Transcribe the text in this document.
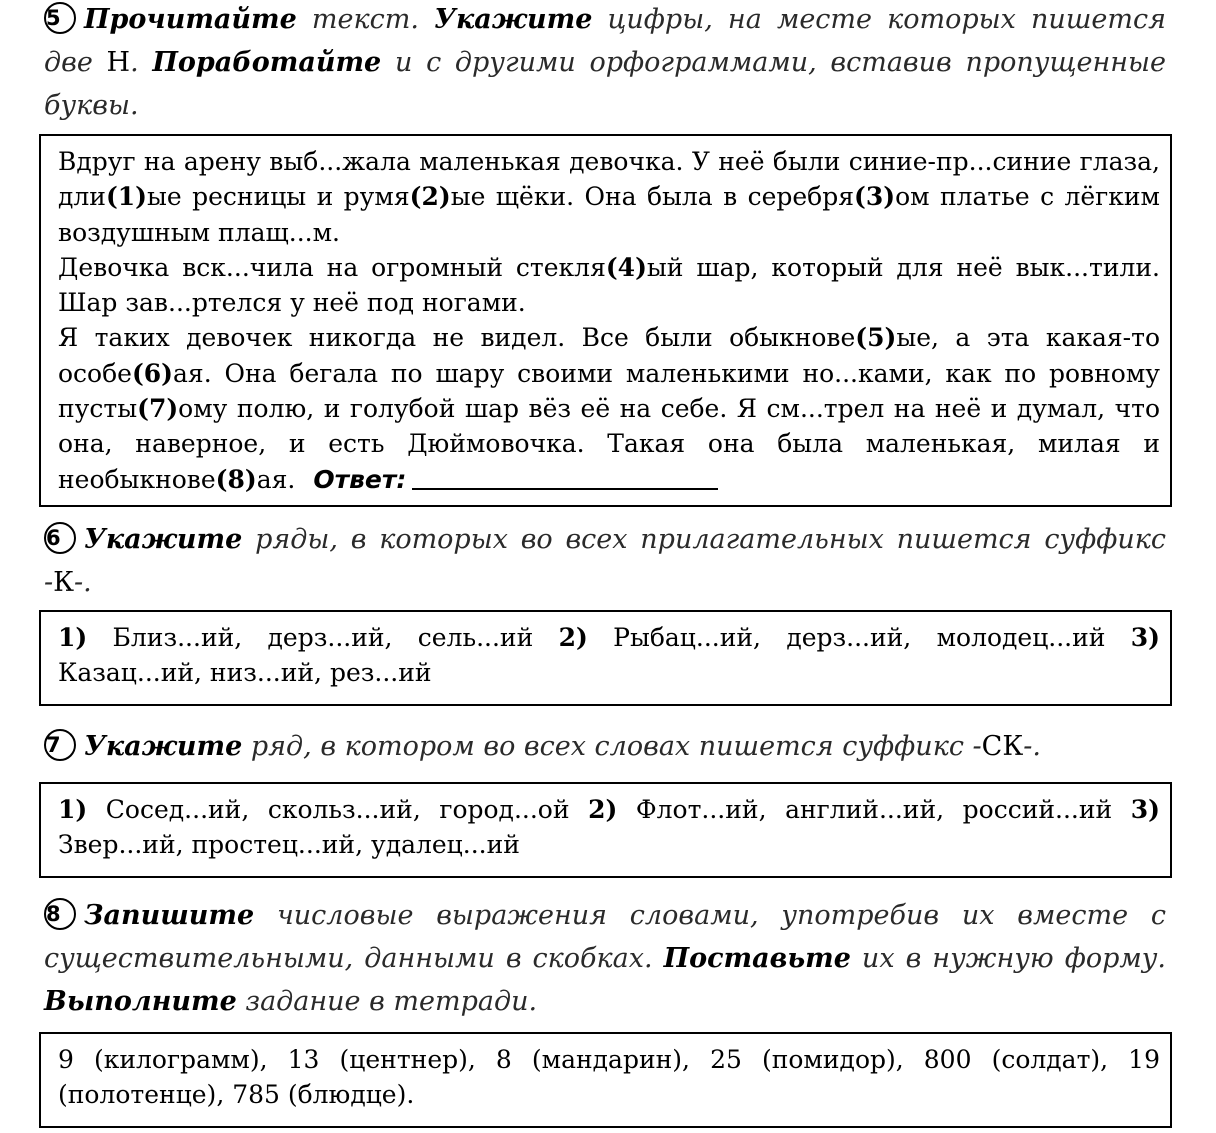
5 Прочитайте текст. Укажите цифры, на месте которых пишется две Н. Поработайте и с другими орфограммами, вставив пропущенные буквы.

Вдруг на арену выб...жала маленькая девочка. У неё были синие-пр...синие глаза, дли(1)ые ресницы и румя(2)ые щёки. Она была в серебря(3)ом платье с лёгким воздушным плащ...м.

Девочка вск...чила на огромный стекля(4)ый шар, который для неё вык...тили. Шар зав...ртелся у неё под ногами.

Я таких девочек никогда не видел. Все были обыкнове(5)ые, а эта какая-то особе(6)ая. Она бегала по шару своими маленькими но...ками, как по ровному пусты(7)ому полю, и голубой шар вёз её на себе. Я см...трел на неё и думал, что она, наверное, и есть Дюймовочка. Такая она была маленькая, милая и необыкнове(8)ая. Ответ:

6 Укажите ряды, в которых во всех прилагательных пишется суффикс -К-.

1) Близ...ий, дерз...ий, сель...ий 2) Рыбац...ий, дерз...ий, молодец...ий 3) Казац...ий, низ...ий, рез...ий

7 Укажите ряд, в котором во всех словах пишется суффикс -СК-.

1) Сосед...ий, скольз...ий, город...ой 2) Флот...ий, англий...ий, россий...ий 3) Звер...ий, простец...ий, удалец...ий

8 Запишите числовые выражения словами, употребив их вместе с существительными, данными в скобках. Поставьте их в нужную форму. Выполните задание в тетради.

9 (килограмм), 13 (центнер), 8 (мандарин), 25 (помидор), 800 (солдат), 19 (полотенце), 785 (блюдце).
